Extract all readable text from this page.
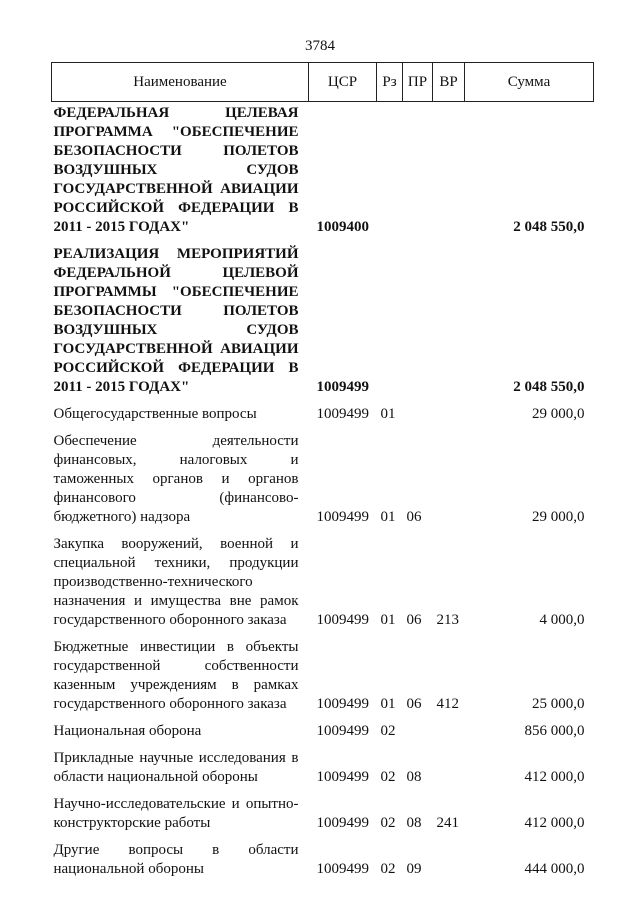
3784
Наименование	ЦСР	Рз	ПР	ВР	Сумма
ФЕДЕРАЛЬНАЯ ЦЕЛЕВАЯ ПРОГРАММА "ОБЕСПЕЧЕНИЕ БЕЗОПАСНОСТИ ПОЛЕТОВ ВОЗДУШНЫХ СУДОВ ГОСУДАРСТВЕННОЙ АВИАЦИИ РОССИЙСКОЙ ФЕДЕРАЦИИ В 2011 - 2015 ГОДАХ"	1009400				2 048 550,0
РЕАЛИЗАЦИЯ МЕРОПРИЯТИЙ ФЕДЕРАЛЬНОЙ ЦЕЛЕВОЙ ПРОГРАММЫ "ОБЕСПЕЧЕНИЕ БЕЗОПАСНОСТИ ПОЛЕТОВ ВОЗДУШНЫХ СУДОВ ГОСУДАРСТВЕННОЙ АВИАЦИИ РОССИЙСКОЙ ФЕДЕРАЦИИ В 2011 - 2015 ГОДАХ"	1009499				2 048 550,0
Общегосударственные вопросы	1009499	01			29 000,0
Обеспечение деятельности финансовых, налоговых и таможенных органов и органов финансового (финансово-бюджетного) надзора	1009499	01	06		29 000,0
Закупка вооружений, военной и специальной техники, продукции производственно-технического назначения и имущества вне рамок государственного оборонного заказа	1009499	01	06	213	4 000,0
Бюджетные инвестиции в объекты государственной собственности казенным учреждениям в рамках государственного оборонного заказа	1009499	01	06	412	25 000,0
Национальная оборона	1009499	02			856 000,0
Прикладные научные исследования в области национальной обороны	1009499	02	08		412 000,0
Научно-исследовательские и опытно-конструкторские работы	1009499	02	08	241	412 000,0
Другие вопросы в области национальной обороны	1009499	02	09		444 000,0
